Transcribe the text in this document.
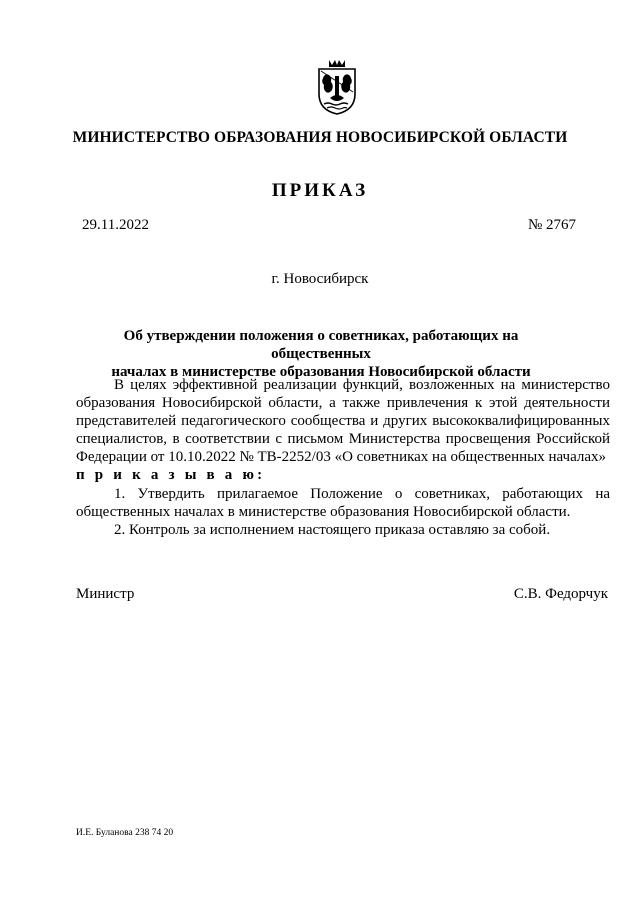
МИНИСТЕРСТВО ОБРАЗОВАНИЯ НОВОСИБИРСКОЙ ОБЛАСТИ
ПРИКАЗ
29.11.2022	№ 2767
г. Новосибирск
Об утверждении положения о советниках, работающих на общественных
началах в министерстве образования Новосибирской области

В целях эффективной реализации функций, возложенных на министерство образования Новосибирской области, а также привлечения к этой деятельности представителей педагогического сообщества и других высококвалифицированных специалистов, в соответствии с письмом Министерства просвещения Российской Федерации от 10.10.2022 № ТВ-2252/03 «О советниках на общественных началах»

п р и к а з ы в а ю:

1. Утвердить прилагаемое Положение о советниках, работающих на общественных началах в министерстве образования Новосибирской области.

2. Контроль за исполнением настоящего приказа оставляю за собой.

Министр	С.В. Федорчук
И.Е. Буланова 238 74 20
